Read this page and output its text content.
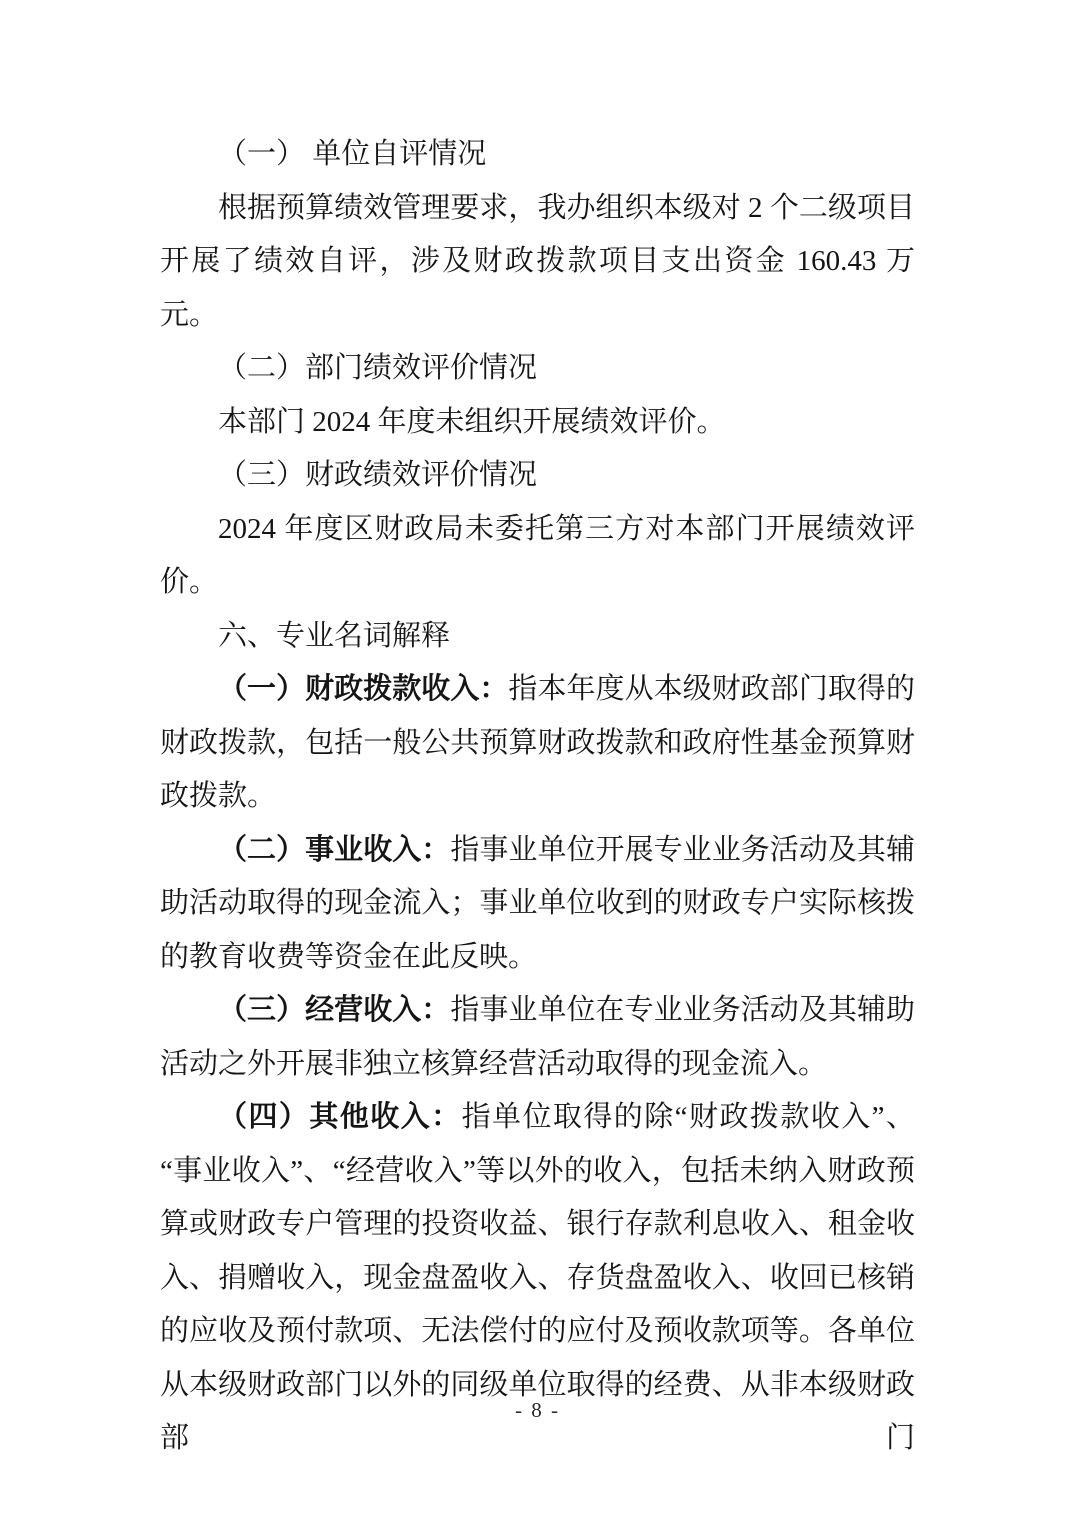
（一） 单位自评情况

根据预算绩效管理要求，我办组织本级对 2 个二级项目开展了绩效自评，涉及财政拨款项目支出资金 160.43 万元。

（二）部门绩效评价情况

本部门 2024 年度未组织开展绩效评价。

（三）财政绩效评价情况

2024 年度区财政局未委托第三方对本部门开展绩效评价。

六、专业名词解释

（一）财政拨款收入：指本年度从本级财政部门取得的财政拨款，包括一般公共预算财政拨款和政府性基金预算财政拨款。

（二）事业收入：指事业单位开展专业业务活动及其辅助活动取得的现金流入；事业单位收到的财政专户实际核拨的教育收费等资金在此反映。

（三）经营收入：指事业单位在专业业务活动及其辅助活动之外开展非独立核算经营活动取得的现金流入。

（四）其他收入：指单位取得的除“财政拨款收入”、“事业收入”、“经营收入”等以外的收入，包括未纳入财政预算或财政专户管理的投资收益、银行存款利息收入、租金收入、捐赠收入，现金盘盈收入、存货盘盈收入、收回已核销的应收及预付款项、无法偿付的应付及预收款项等。各单位从本级财政部门以外的同级单位取得的经费、从非本级财政部门

- 8 -
